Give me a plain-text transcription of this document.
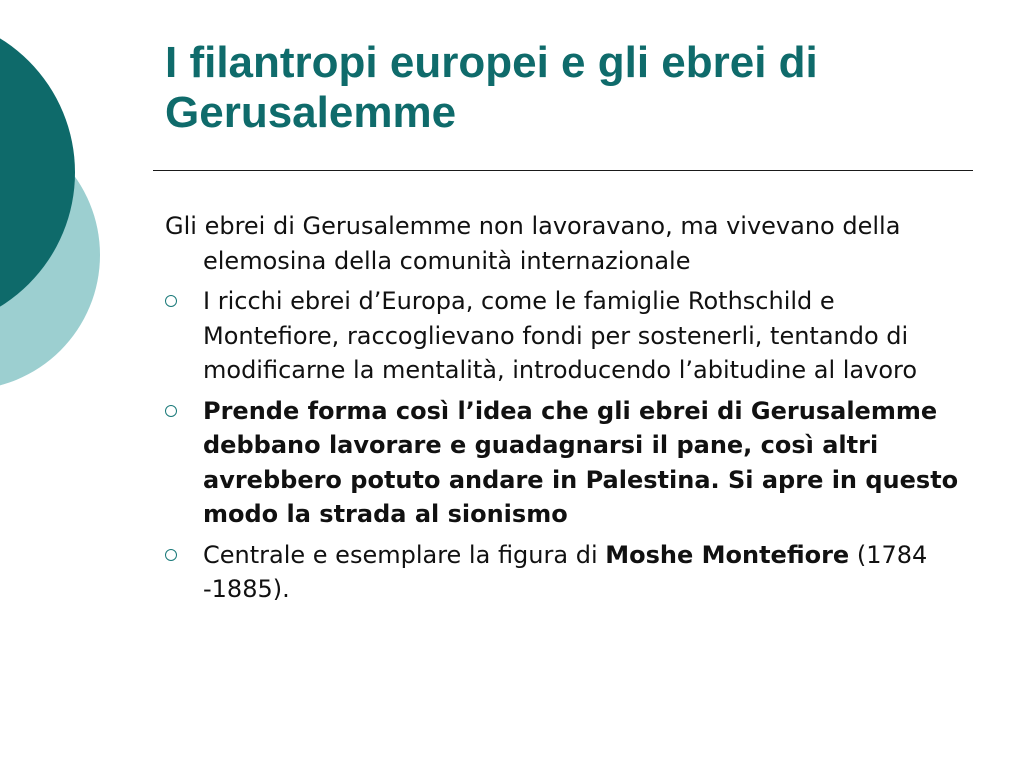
I filantropi europei e gli ebrei di Gerusalemme

Gli ebrei di Gerusalemme non lavoravano, ma vivevano della elemosina della comunità internazionale

I ricchi ebrei d’Europa, come le famiglie Rothschild e Montefiore, raccoglievano fondi per sostenerli, tentando di modificarne la mentalità, introducendo l’abitudine al lavoro

Prende forma così l’idea che gli ebrei di Gerusalemme debbano lavorare e guadagnarsi il pane, così altri avrebbero potuto andare in Palestina. Si apre in questo modo la strada al sionismo

Centrale e esemplare la figura di Moshe Montefiore (1784 -1885).
